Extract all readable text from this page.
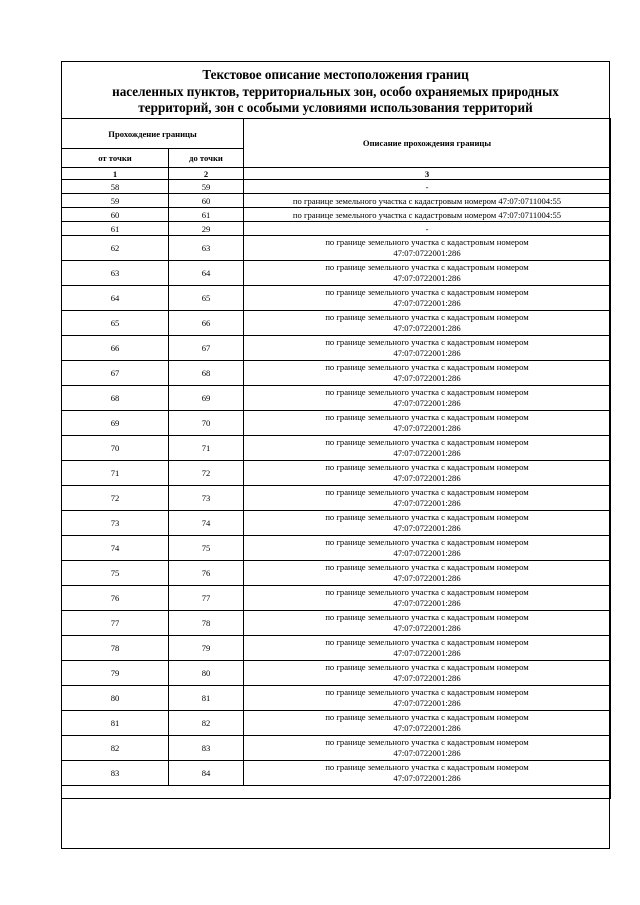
Текстовое описание местоположения границ
населенных пунктов, территориальных зон, особо охраняемых природных
территорий, зон с особыми условиями использования территорий
Прохождение границы		Описание прохождения границы
от точки	до точки	
1	2	3
58	59	-

59	60	по границе земельного участка с кадастровым номером 47:07:0711004:55

60	61	по границе земельного участка с кадастровым номером 47:07:0711004:55

61	29	-

62	63	по границе земельного участка с кадастровым номером
47:07:0722001:286

63	64	по границе земельного участка с кадастровым номером
47:07:0722001:286

64	65	по границе земельного участка с кадастровым номером
47:07:0722001:286

65	66	по границе земельного участка с кадастровым номером
47:07:0722001:286

66	67	по границе земельного участка с кадастровым номером
47:07:0722001:286

67	68	по границе земельного участка с кадастровым номером
47:07:0722001:286

68	69	по границе земельного участка с кадастровым номером
47:07:0722001:286

69	70	по границе земельного участка с кадастровым номером
47:07:0722001:286

70	71	по границе земельного участка с кадастровым номером
47:07:0722001:286

71	72	по границе земельного участка с кадастровым номером
47:07:0722001:286

72	73	по границе земельного участка с кадастровым номером
47:07:0722001:286

73	74	по границе земельного участка с кадастровым номером
47:07:0722001:286

74	75	по границе земельного участка с кадастровым номером
47:07:0722001:286

75	76	по границе земельного участка с кадастровым номером
47:07:0722001:286

76	77	по границе земельного участка с кадастровым номером
47:07:0722001:286

77	78	по границе земельного участка с кадастровым номером
47:07:0722001:286

78	79	по границе земельного участка с кадастровым номером
47:07:0722001:286

79	80	по границе земельного участка с кадастровым номером
47:07:0722001:286

80	81	по границе земельного участка с кадастровым номером
47:07:0722001:286

81	82	по границе земельного участка с кадастровым номером
47:07:0722001:286

82	83	по границе земельного участка с кадастровым номером
47:07:0722001:286

83	84	по границе земельного участка с кадастровым номером
47:07:0722001:286
